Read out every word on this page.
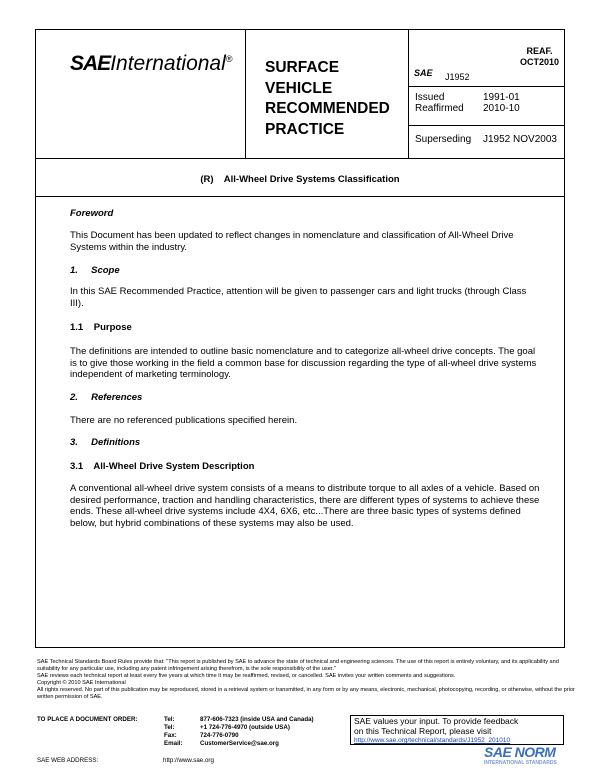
SAEInternational® SURFACE
VEHICLE
RECOMMENDED
PRACTICE
SAE J1952
REAF.
OCT2010
Issued	1991-01
Reaffirmed	2010-10
Superseding	J1952 NOV2003
(R)    All-Wheel Drive Systems Classification
Foreword

This Document has been updated to reflect changes in nomenclature and classification of All-Wheel Drive Systems within the industry.

1.     Scope

In this SAE Recommended Practice, attention will be given to passenger cars and light trucks (through Class III).

1.1    Purpose

The definitions are intended to outline basic nomenclature and to categorize all-wheel drive concepts. The goal is to give those working in the field a common base for discussion regarding the type of all-wheel drive systems independent of marketing terminology.

2.     References

There are no referenced publications specified herein.

3.     Definitions
3.1    All-Wheel Drive System Description

A conventional all-wheel drive system consists of a means to distribute torque to all axles of a vehicle. Based on desired performance, traction and handling characteristics, there are different types of systems to achieve these ends. These all-wheel drive systems include 4X4, 6X6, etc...There are three basic types of systems defined below, but hybrid combinations of these systems may also be used.

SAE Technical Standards Board Rules provide that: "This report is published by SAE to advance the state of technical and engineering sciences. The use of this report is entirely voluntary, and its applicability and suitability for any particular use, including any patent infringement arising therefrom, is the sole responsibility of the user."

SAE reviews each technical report at least every five years at which time it may be reaffirmed, revised, or cancelled. SAE invites your written comments and suggestions.

Copyright © 2010 SAE International

All rights reserved. No part of this publication may be reproduced, stored in a retrieval system or transmitted, in any form or by any means, electronic, mechanical, photocopying, recording, or otherwise, without the prior written permission of SAE.

TO PLACE A DOCUMENT ORDER:	Tel:	877-606-7323 (inside USA and Canada)
Tel:	+1 724-776-4970 (outside USA)
Fax:	724-776-0790
Email:	CustomerService@sae.org
SAE WEB ADDRESS:	http://www.sae.org
SAE values your input. To provide feedback
on this Technical Report, please visit
http://www.sae.org/technical/standards/J1952_201010
SAE NORM
INTERNATIONAL STANDARDS
